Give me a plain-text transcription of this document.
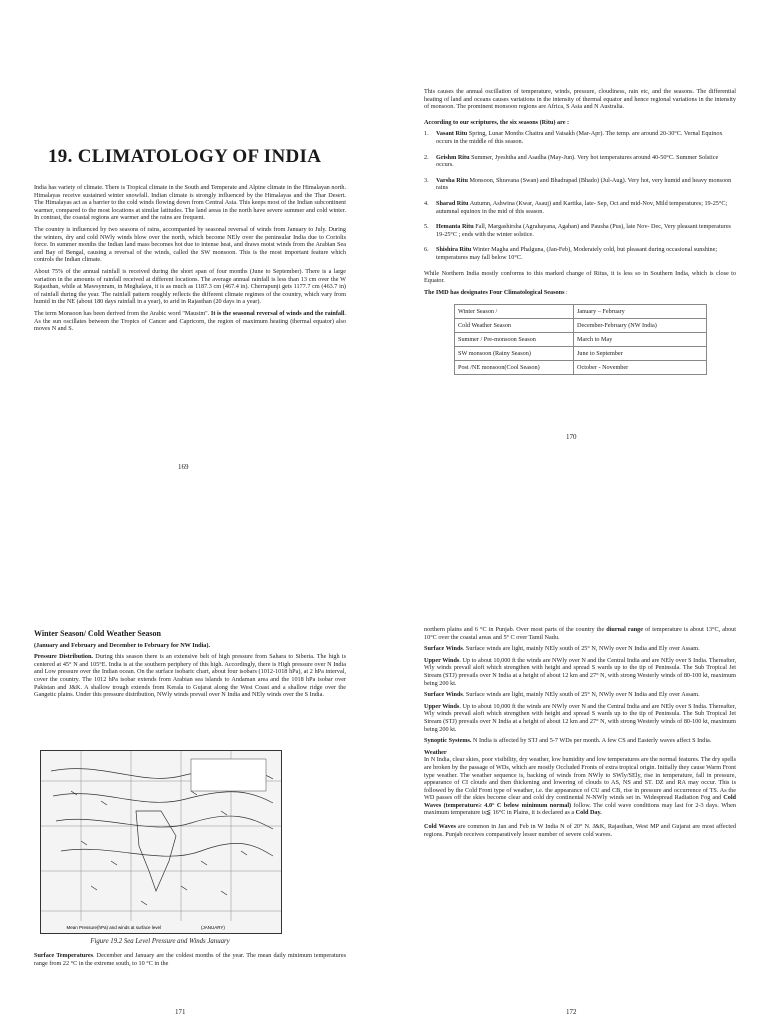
19. CLIMATOLOGY OF INDIA

India has variety of climate. There is Tropical climate in the South and Temperate and Alpine climate in the Himalayan north. Himalayas receive sustained winter snowfall. Indian climate is strongly influenced by the Himalayas and the Thar Desert. The Himalayas act as a barrier to the cold winds flowing down from Central Asia. This keeps most of the Indian subcontinent warmer, compared to the most locations at similar latitudes. The land areas in the north have severe summer and cold winter. In contrast, the coastal regions are warmer and the rains are frequent.

The country is influenced by two seasons of rains, accompanied by seasonal reversal of winds from January to July. During the winters, dry and cold NWly winds blow over the north, which become NEly over the peninsular India due to Coriolis force. In summer months the Indian land mass becomes hot due to intense heat, and draws moist winds from the Arabian Sea and Bay of Bengal, causing a reversal of the winds, called the SW monsoon. This is the most important feature which controls the Indian climate.

About 75% of the annual rainfall is received during the short span of four months (June to September). There is a large variation in the amounts of rainfall received at different locations. The average annual rainfall is less than 13 cm over the W Rajasthan, while at Mawsynram, in Meghalaya, it is as much as 1187.3 cm (467.4 in). Cherrapunji gets 1177.7 cm (463.7 in) of rainfall during the year. The rainfall pattern roughly reflects the different climate regimes of the country, which vary from humid in the NE (about 180 days rainfall in a year), to arid in Rajasthan (20 days in a year).

The term Monsoon has been derived from the Arabic word "Mausim". It is the seasonal reversal of winds and the rainfall. As the sun oscillates between the Tropics of Cancer and Capricorn, the region of maximum heating (thermal equator) also moves N and S.

169

This causes the annual oscillation of temperature, winds, pressure, cloudiness, rain etc, and the seasons. The differential heating of land and oceans causes variations in the intensity of thermal equator and hence regional variations in the intensity of monsoon. The prominent monsoon regions are Africa, S Asia and N Australia.

According to our scriptures, the six seasons (Ritu) are :

1. Vasant Ritu Spring, Lunar Months Chaitra and Vaisakh (Mar-Apr). The temp. are around 20-30°C. Vernal Equinox occurs in the middle of this season.
2. Grishm Ritu Summer, Jyeshtha and Asadha (May-Jun). Very hot temperatures around 40-50°C. Summer Solstice occurs.
3. Varsha Ritu Monsoon, Shravana (Swan) and Bhadrapad (Bhado) (Jul-Aug). Very hot, very humid and heavy monsoon rains
4. Sharad Ritu Autumn, Ashwina (Kwar, Asauj) and Kartika, late- Sep, Oct and mid-Nov, Mild temperatures; 19-25°C; autumnal equinox in the mid of this season.
5. Hemanta Ritu Fall, Margashirsha (Agrahayana, Agahan) and Pausha (Pus), late Nov- Dec, Very pleasant temperatures 19-25°C ; ends with the winter solstice.
6. Shishira Ritu Winter Magha and Phalguna, (Jan-Feb), Moderately cold, but pleasant during occasional sunshine; temperatures may fall below 10°C.

While Northern India mostly conforms to this marked change of Ritus, it is less so in Southern India, which is close to Equator.

The IMD has designates Four Climatological Seasons :

Winter Season /	January – February
Cold Weather Season	December-February (NW India)
Summer / Pre-monsoon Season	March to May
SW monsoon (Rainy Season)	June to September
Post /NE monsoon(Cool Season)	October - November
170

Winter Season/ Cold Weather Season

(January and February and December to February for NW India).

Pressure Distribution. During this season there is an extensive belt of high pressure from Sahara to Siberia. The high is centered at 45° N and 105°E. India is at the southern periphery of this high. Accordingly, there is High pressure over N India and Low pressure over the Indian ocean. On the surface isobaric chart, about four isobars (1012-1018 hPa), at 2 hPa interval, cover the country. The 1012 hPa isobar extends from Arabian sea islands to Andaman area and the 1018 hPa isobar over Pakistan and J&K. A shallow trough extends from Kerala to Gujarat along the West Coast and a shallow ridge over the Gangetic plains. Under this pressure distribution, NWly winds prevail over N India and NEly winds over the S India.

Mean Pressure(hPa) and winds at surface level	(JANUARY)
Figure 19.2 Sea Level Pressure and Winds January

Surface Temperatures. December and January are the coldest months of the year. The mean daily minimum temperatures range from 22 °C in the extreme south, to 10 °C in the

171

northern plains and 6 °C in Punjab. Over most parts of the country the diurnal range of temperature is about 13°C, about 10°C over the coastal areas and 5° C over Tamil Nadu.

Surface Winds. Surface winds are light, mainly NEly south of 25° N, NWly over N India and Ely over Assam.

Upper Winds. Up to about 10,000 ft the winds are NWly over N and the Central India and are NEly over S India. Thereafter, Wly winds prevail aloft which strengthen with height and spread S wards up to the tip of Peninsula. The Sub Tropical Jet Stream (STJ) prevails over N India at a height of about 12 km and 27° N, with strong Westerly winds of 80-100 kt, maximum being 200 kt.

Surface Winds. Surface winds are light, mainly NEly south of 25° N, NWly over N India and Ely over Assam.

Upper Winds. Up to about 10,000 ft the winds are NWly over N and the Central India and are NEly over S India. Thereafter, Wly winds prevail aloft which strengthen with height and spread S wards up to the tip of Peninsula. The Sub Tropical Jet Stream (STJ) prevails over N India at a height of about 12 km and 27° N, with strong Westerly winds of 80-100 kt, maximum being 200 kt.

Synoptic Systems. N India is affected by STJ and 5-7 WDs per month. A few CS and Easterly waves affect S India.

Weather

In N India, clear skies, poor visibility, dry weather, low humidity and low temperatures are the normal features. The dry spells are broken by the passage of WDs, which are mostly Occluded Fronts of extra tropical origin. Initially they cause Warm Front type weather. The weather sequence is, backing of winds from NWly to SWly/SEly, rise in temperature, fall in pressure, appearance of CI clouds and then thickening and lowering of clouds to AS, NS and ST. DZ and RA may occur. This is followed by the Cold Front type of weather, i.e. the appearance of CU and CB, rise in pressure and occurrence of TS. As the WD passes off the skies become clear and cold dry continental N-NWly winds set in. Widespread Radiation Fog and Cold Waves (temperature≥ 4.0° C below minimum normal) follow. The cold wave conditions may last for 2-3 days. When maximum temperature is≦ 16°C in Plains, it is declared as a Cold Day.

Cold Waves are common in Jan and Feb in W India N of 20° N. J&K, Rajasthan, West MP and Gujarat are most affected regions. Punjab receives comparatively lesser number of severe cold waves.

172
